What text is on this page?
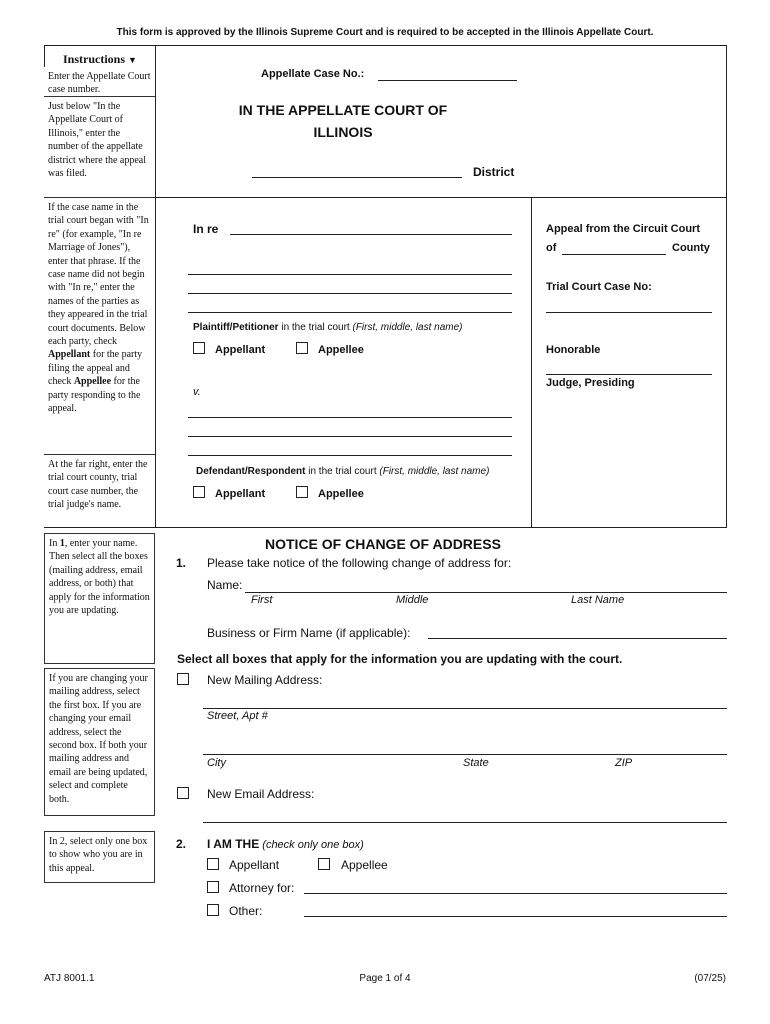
This form is approved by the Illinois Supreme Court and is required to be accepted in the Illinois Appellate Court.
Instructions ▼
Enter the Appellate Court case number.
Just below "In the Appellate Court of Illinois," enter the number of the appellate district where the appeal was filed.
If the case name in the trial court began with "In re" (for example, "In re Marriage of Jones"), enter that phrase. If the case name did not begin with "In re," enter the names of the parties as they appeared in the trial court documents. Below each party, check Appellant for the party filing the appeal and check Appellee for the party responding to the appeal.
At the far right, enter the trial court county, trial court case number, the trial judge's name.
Appellate Case No.:
IN THE APPELLATE COURT OF
ILLINOIS
District
In re
Plaintiff/Petitioner in the trial court (First, middle, last name)
Appellant	Appellee
v.
Defendant/Respondent in the trial court (First, middle, last name)
Appellant	Appellee
Appeal from the Circuit Court
of	County
Trial Court Case No:
Honorable
Judge, Presiding
In 1, enter your name. Then select all the boxes (mailing address, email address, or both) that apply for the information you are updating.
If you are changing your mailing address, select the first box. If you are changing your email address, select the second box. If both your mailing address and email are being updated, select and complete both.
In 2, select only one box to show who you are in this appeal.
NOTICE OF CHANGE OF ADDRESS
1. Please take notice of the following change of address for:
Name:
First	Middle	Last Name
Business or Firm Name (if applicable):
Select all boxes that apply for the information you are updating with the court.
New Mailing Address:
Street, Apt #
City	State	ZIP
New Email Address:
2. I AM THE (check only one box)
Appellant	Appellee
Attorney for:
Other:
ATJ 8001.1	Page 1 of 4	(07/25)
